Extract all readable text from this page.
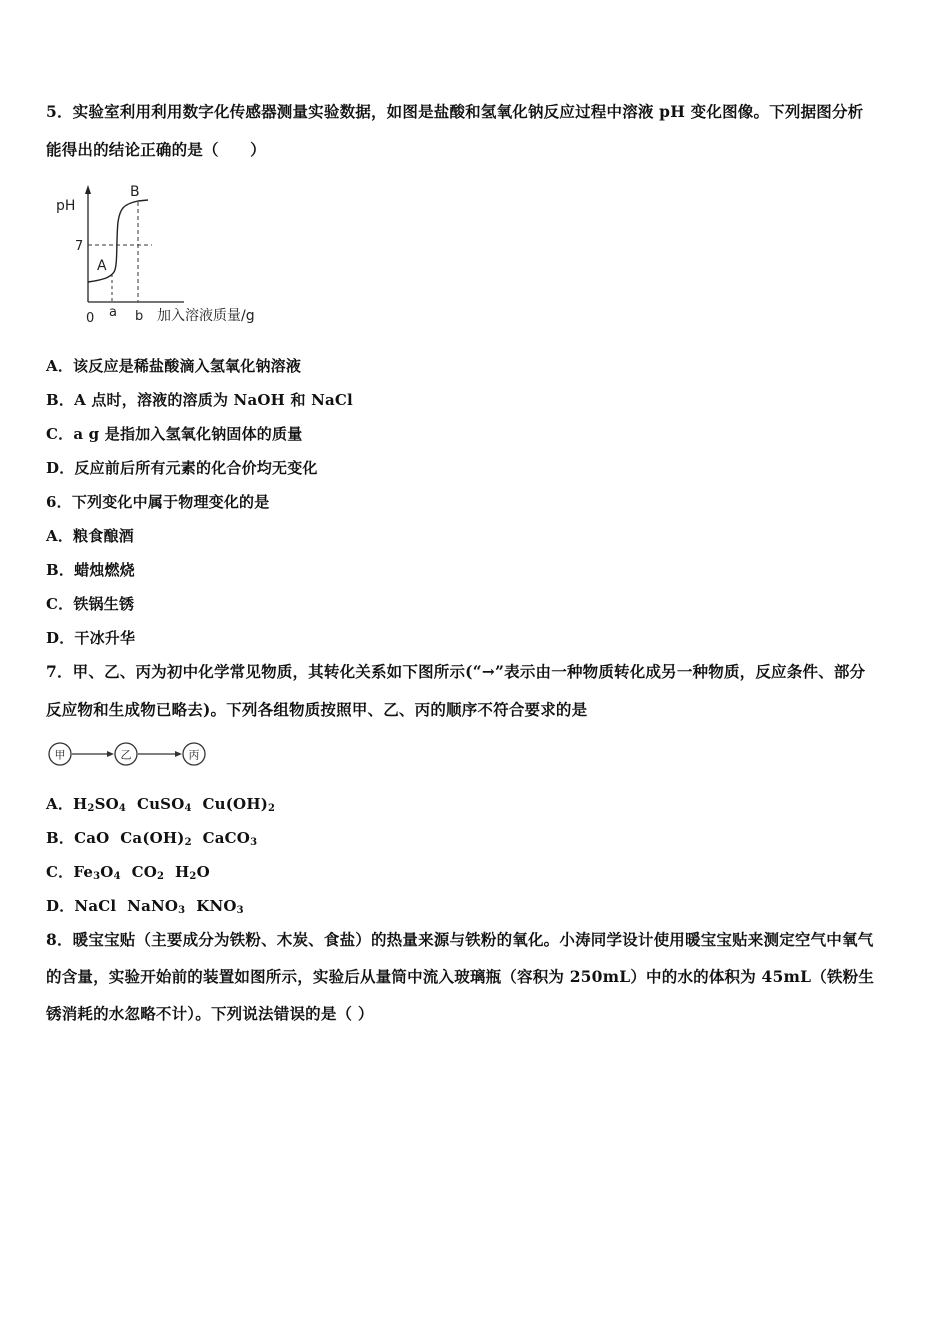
5．实验室利用利用数字化传感器测量实验数据，如图是盐酸和氢氧化钠反应过程中溶液 pH 变化图像。下列据图分析
能得出的结论正确的是（　　）
pH
7
A
B
0 a b 加入溶液质量/g
A．该反应是稀盐酸滴入氢氧化钠溶液
B．A 点时，溶液的溶质为 NaOH 和 NaCl
C．a g 是指加入氢氧化钠固体的质量
D．反应前后所有元素的化合价均无变化
6．下列变化中属于物理变化的是
A．粮食酿酒
B．蜡烛燃烧
C．铁锅生锈
D．干冰升华
7．甲、乙、丙为初中化学常见物质，其转化关系如下图所示(“→”表示由一种物质转化成另一种物质，反应条件、部分
反应物和生成物已略去)。下列各组物质按照甲、乙、丙的顺序不符合要求的是
甲	乙	丙
A．$H_2SO_4$ CuSO$_4$ $Cu(OH)_2$
B．CaO $Ca(OH)_2$ CaCO$_3$
C．$Fe_3O_4$ $CO_2$ $H_2O$
D．NaCl NaNO$_3$ $KNO_3$
8．暖宝宝贴（主要成分为铁粉、木炭、食盐）的热量来源与铁粉的氧化。小涛同学设计使用暖宝宝贴来测定空气中氧气
的含量，实验开始前的装置如图所示，实验后从量筒中流入玻璃瓶（容积为 250mL）中的水的体积为 45mL（铁粉生
锈消耗的水忽略不计）。下列说法错误的是（ ）
